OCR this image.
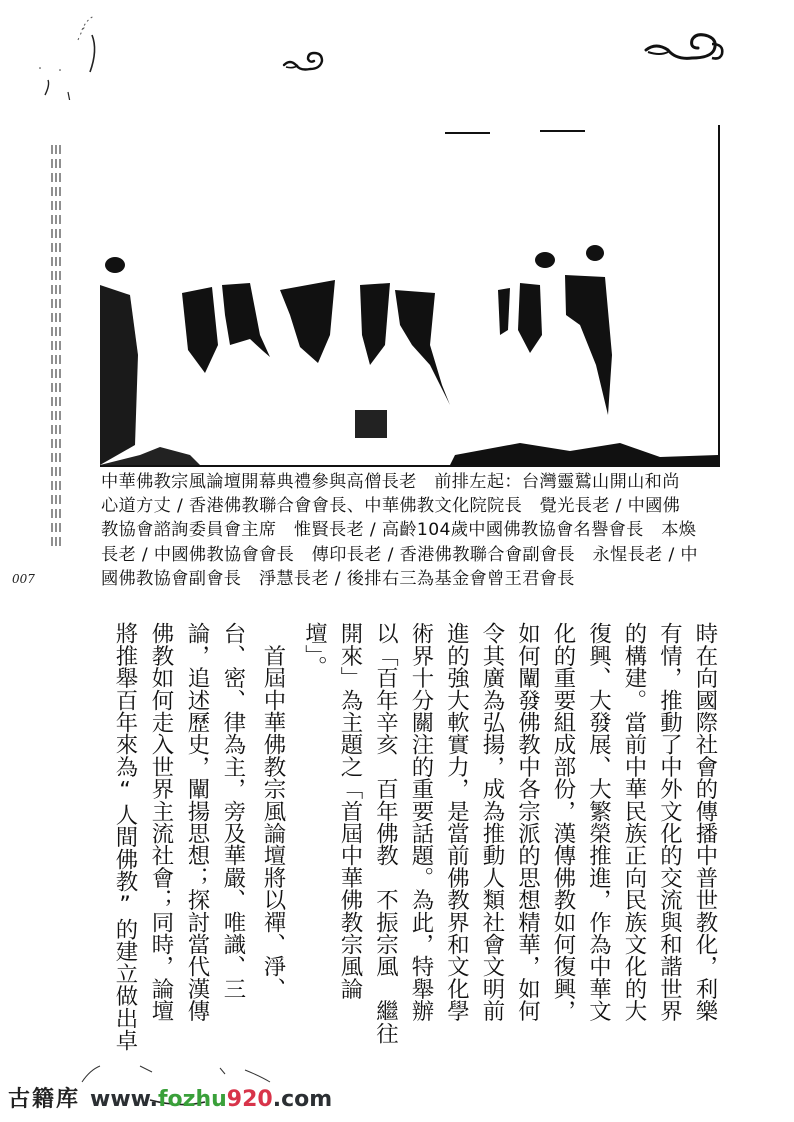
中華佛教宗風論壇開幕典禮參與高僧長老　前排左起：台灣靈鷲山開山和尚
心道方丈 / 香港佛教聯合會會長、中華佛教文化院院長　覺光長老 / 中國佛
教協會諮詢委員會主席　惟賢長老 / 高齡104歲中國佛教協會名譽會長　本煥
長老 / 中國佛教協會會長　傳印長老 / 香港佛教聯合會副會長　永惺長老 / 中
國佛教協會副會長　淨慧長老 / 後排右三為基金會曾王君會長
007
時在向國際社會的傳播中普世教化，利樂
有情，推動了中外文化的交流與和諧世界
的構建。當前中華民族正向民族文化的大
復興、大發展、大繁榮推進，作為中華文
化的重要組成部份，漢傳佛教如何復興，
如何闡發佛教中各宗派的思想精華，如何
令其廣為弘揚，成為推動人類社會文明前
進的強大軟實力，是當前佛教界和文化學
術界十分關注的重要話題。為此，特舉辦
以「百年辛亥　百年佛教　不振宗風　繼往
開來」為主題之「首屆中華佛教宗風論
壇」。
　首屆中華佛教宗風論壇將以禪、淨、
台、密、律為主，旁及華嚴、唯識、三
論，追述歷史，闡揚思想；探討當代漢傳
佛教如何走入世界主流社會；同時，論壇
將推舉百年來為“人間佛教”的建立做出卓
古籍库 www.fozhu920.com
